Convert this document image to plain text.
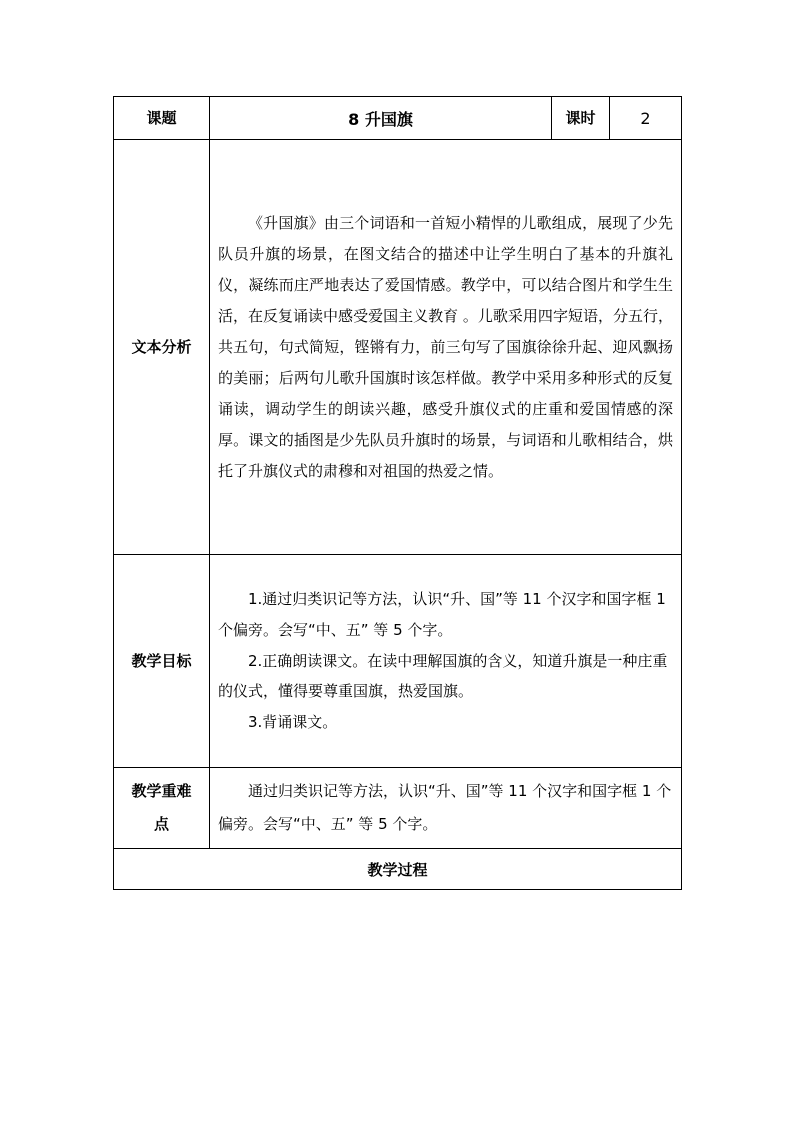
课题	8 升国旗	课时	2
文本分析	《升国旗》由三个词语和一首短小精悍的儿歌组成，展现了少先队员升旗的场景，在图文结合的描述中让学生明白了基本的升旗礼仪，凝练而庄严地表达了爱国情感。教学中，可以结合图片和学生生活，在反复诵读中感受爱国主义教育 。儿歌采用四字短语，分五行，共五句，句式简短，铿锵有力，前三句写了国旗徐徐升起、迎风飘扬的美丽；后两句儿歌升国旗时该怎样做。教学中采用多种形式的反复诵读，调动学生的朗读兴趣，感受升旗仪式的庄重和爱国情感的深厚。课文的插图是少先队员升旗时的场景，与词语和儿歌相结合，烘托了升旗仪式的肃穆和对祖国的热爱之情。		

教学目标	1.通过归类识记等方法，认识“升、国”等 11 个汉字和国字框 1 个偏旁。会写“中、五” 等 5 个字。

2.正确朗读课文。在读中理解国旗的含义，知道升旗是一种庄重的仪式，懂得要尊重国旗，热爱国旗。

3.背诵课文。		

教学重难点	通过归类识记等方法，认识“升、国”等 11 个汉字和国字框 1 个偏旁。会写“中、五” 等 5 个字。		

教学过程			
